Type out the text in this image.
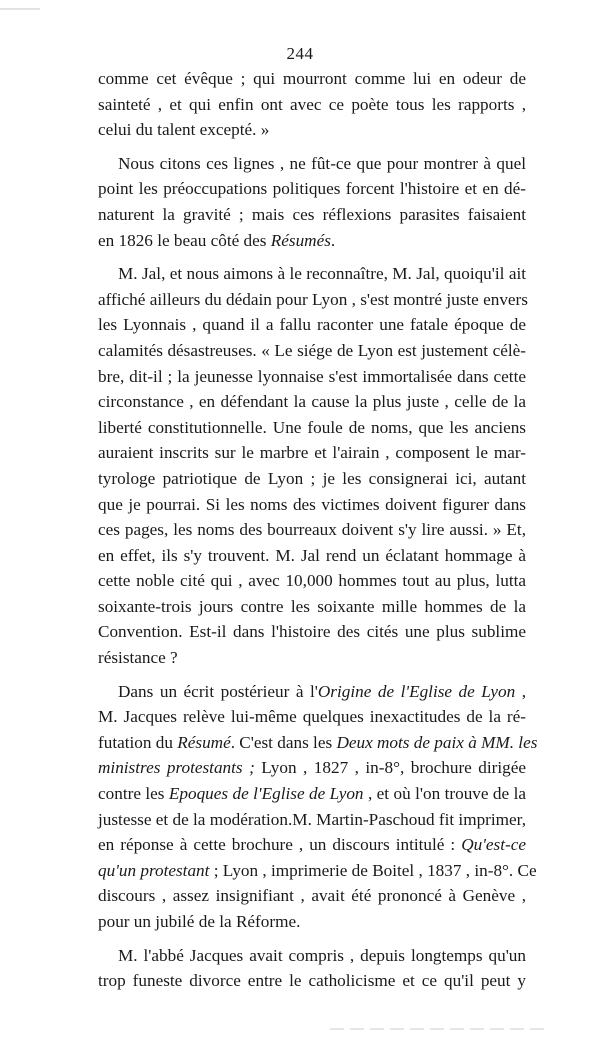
244
comme cet évêque ; qui mourront comme lui en odeur de
sainteté , et qui enfin ont avec ce poète tous les rapports ,
celui du talent excepté. »
Nous citons ces lignes , ne fût-ce que pour montrer à quel
point les préoccupations politiques forcent l'histoire et en dé-
naturent la gravité ; mais ces réflexions parasites faisaient
en 1826 le beau côté des Résumés.
M. Jal, et nous aimons à le reconnaître, M. Jal, quoiqu'il ait
affiché ailleurs du dédain pour Lyon , s'est montré juste envers
les Lyonnais , quand il a fallu raconter une fatale époque de
calamités désastreuses. « Le siége de Lyon est justement célè-
bre, dit-il ; la jeunesse lyonnaise s'est immortalisée dans cette
circonstance , en défendant la cause la plus juste , celle de la
liberté constitutionnelle. Une foule de noms, que les anciens
auraient inscrits sur le marbre et l'airain , composent le mar-
tyrologe patriotique de Lyon ; je les consignerai ici, autant
que je pourrai. Si les noms des victimes doivent figurer dans
ces pages, les noms des bourreaux doivent s'y lire aussi. » Et,
en effet, ils s'y trouvent. M. Jal rend un éclatant hommage à
cette noble cité qui , avec 10,000 hommes tout au plus, lutta
soixante-trois jours contre les soixante mille hommes de la
Convention. Est-il dans l'histoire des cités une plus sublime
résistance ?
Dans un écrit postérieur à l'Origine de l'Eglise de Lyon ,
M. Jacques relève lui-même quelques inexactitudes de la ré-
futation du Résumé. C'est dans les Deux mots de paix à MM. les
ministres protestants ; Lyon , 1827 , in-8°, brochure dirigée
contre les Epoques de l'Eglise de Lyon , et où l'on trouve de la
justesse et de la modération.M. Martin-Paschoud fit imprimer,
en réponse à cette brochure , un discours intitulé : Qu'est-ce
qu'un protestant ; Lyon , imprimerie de Boitel , 1837 , in-8°. Ce
discours , assez insignifiant , avait été prononcé à Genève ,
pour un jubilé de la Réforme.
M. l'abbé Jacques avait compris , depuis longtemps qu'un
trop funeste divorce entre le catholicisme et ce qu'il peut y
